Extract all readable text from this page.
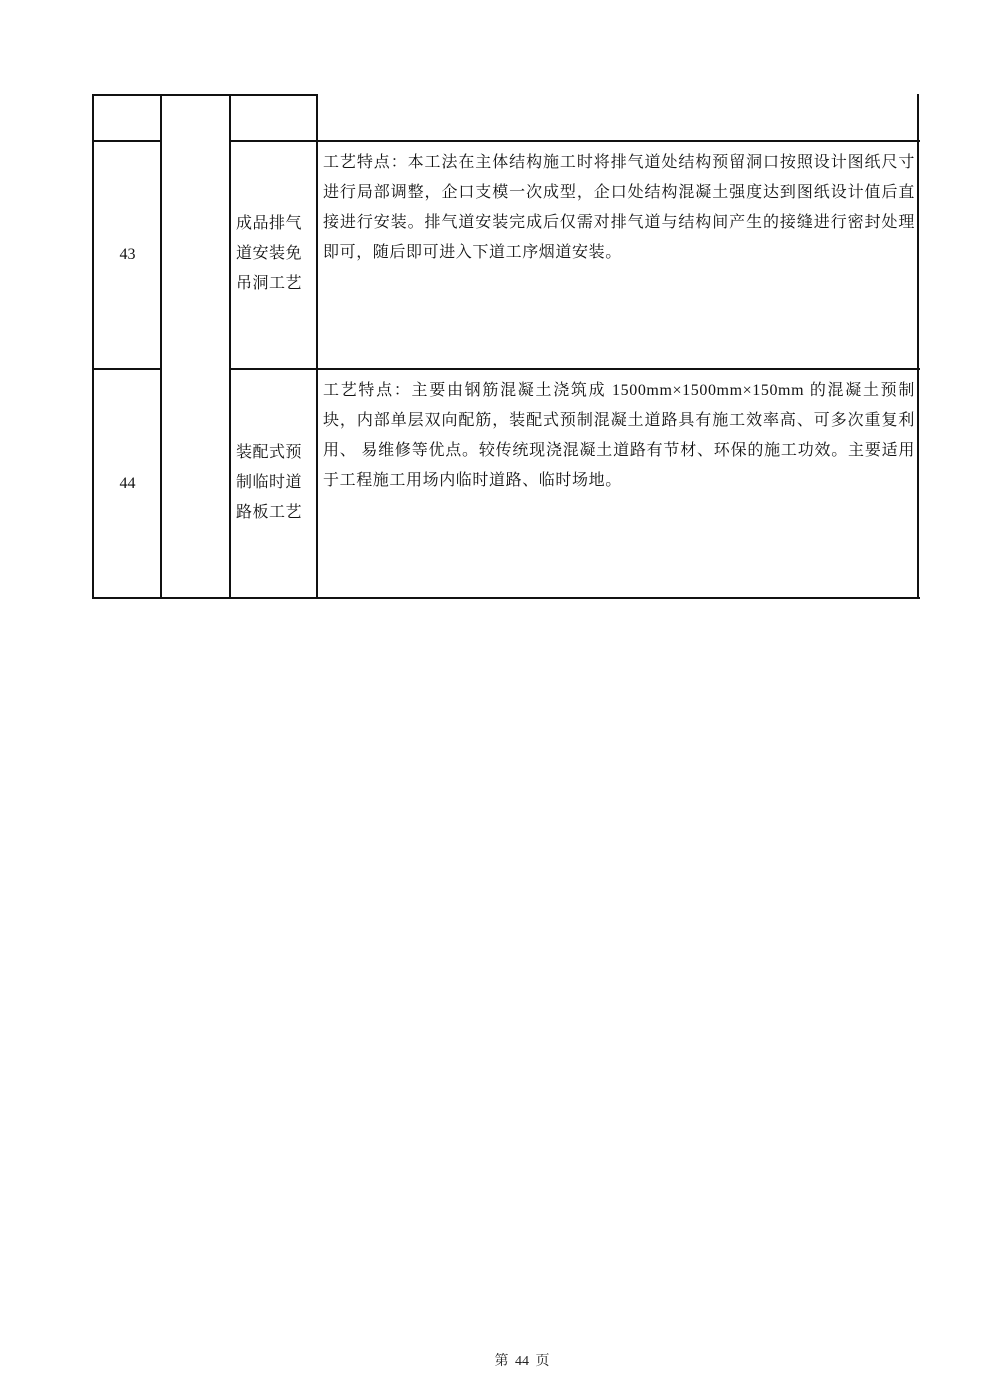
43
成品排气道安装免吊洞工艺
工艺特点：本工法在主体结构施工时将排气道处结构预留洞口按照设计图纸尺寸进行局部调整，企口支模一次成型，企口处结构混凝土强度达到图纸设计值后直接进行安装。排气道安装完成后仅需对排气道与结构间产生的接缝进行密封处理即可，随后即可进入下道工序烟道安装。
44
装配式预制临时道路板工艺
工艺特点：主要由钢筋混凝土浇筑成 1500mm×1500mm×150mm 的混凝土预制块，内部单层双向配筋，装配式预制混凝土道路具有施工效率高、可多次重复利用、 易维修等优点。较传统现浇混凝土道路有节材、环保的施工功效。主要适用于工程施工用场内临时道路、临时场地。
第 44 页
